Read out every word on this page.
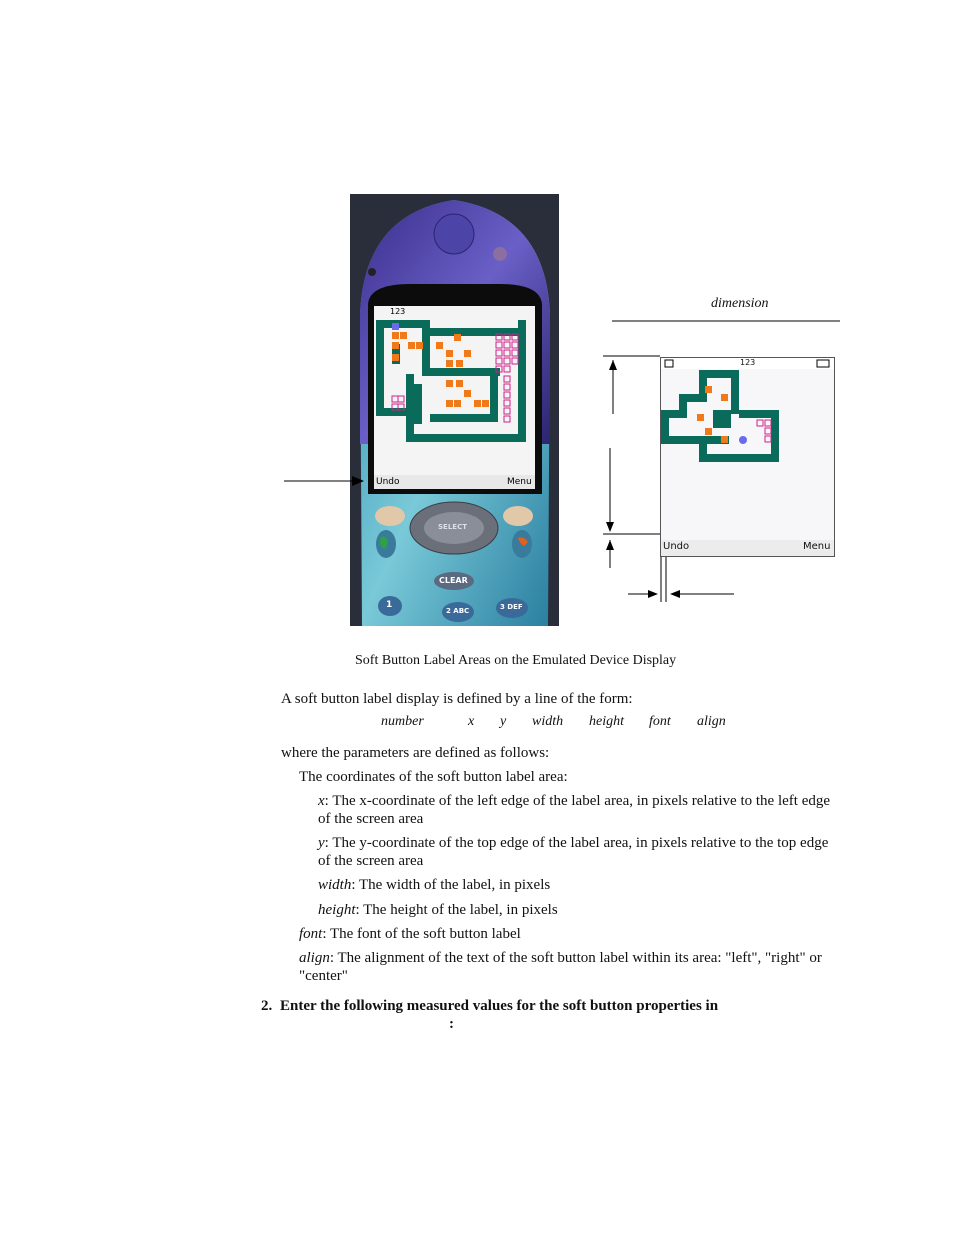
123
Undo	Menu
SELECT
CLEAR
1
2 ABC	3 DEF
dimension
123
Undo	Menu
Soft Button Label Areas on the Emulated Device Display
A soft button label display is defined by a line of the form:
number	x y width height font align
where the parameters are defined as follows:
The coordinates of the soft button label area:
x: The x-coordinate of the left edge of the label area, in pixels relative to the left edge of the screen area
y: The y-coordinate of the top edge of the label area, in pixels relative to the top edge of the screen area
width: The width of the label, in pixels
height: The height of the label, in pixels
font: The font of the soft button label
align: The alignment of the text of the soft button label within its area: "left", "right" or "center"
2. Enter the following measured values for the soft button properties in
:
